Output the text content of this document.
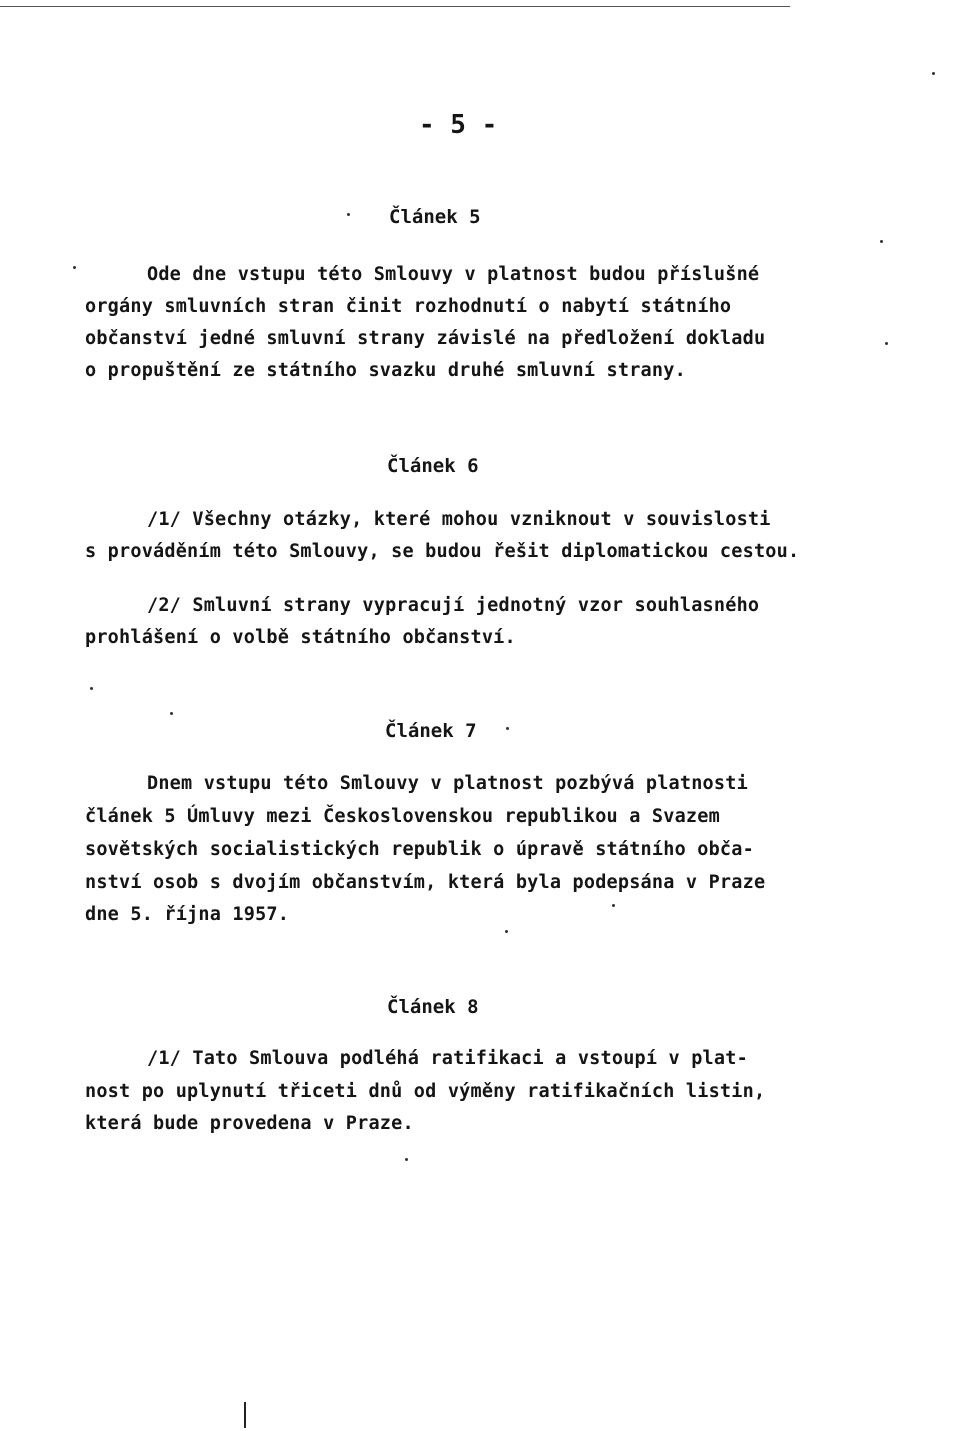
- 5 -
Článek 5
Ode dne vstupu této Smlouvy v platnost budou příslušné
orgány smluvních stran činit rozhodnutí o nabytí státního
občanství jedné smluvní strany závislé na předložení dokladu
o propuštění ze státního svazku druhé smluvní strany.
Článek 6
/1/ Všechny otázky, které mohou vzniknout v souvislosti
s prováděním této Smlouvy, se budou řešit diplomatickou cestou.
/2/ Smluvní strany vypracují jednotný vzor souhlasného
prohlášení o volbě státního občanství.
Článek 7
Dnem vstupu této Smlouvy v platnost pozbývá platnosti
článek 5 Úmluvy mezi Československou republikou a Svazem
sovětských socialistických republik o úpravě státního obča-
nství osob s dvojím občanstvím, která byla podepsána v Praze
dne 5. října 1957.
Článek 8
/1/ Tato Smlouva podléhá ratifikaci a vstoupí v plat-
nost po uplynutí třiceti dnů od výměny ratifikačních listin,
která bude provedena v Praze.
